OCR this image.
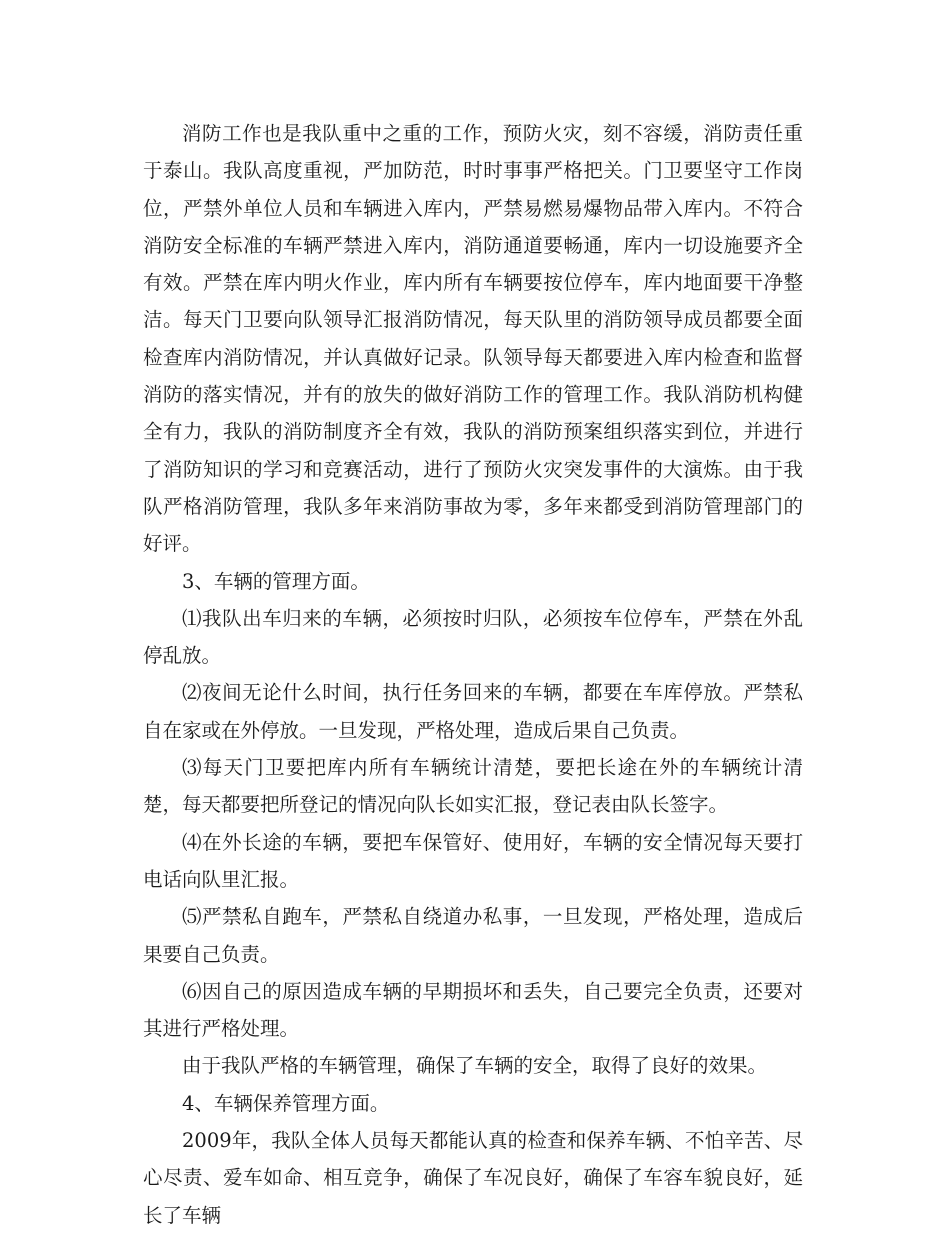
消防工作也是我队重中之重的工作，预防火灾，刻不容缓，消防责任重于泰山。我队高度重视，严加防范，时时事事严格把关。门卫要坚守工作岗位，严禁外单位人员和车辆进入库内，严禁易燃易爆物品带入库内。不符合消防安全标准的车辆严禁进入库内，消防通道要畅通，库内一切设施要齐全有效。严禁在库内明火作业，库内所有车辆要按位停车，库内地面要干净整洁。每天门卫要向队领导汇报消防情况，每天队里的消防领导成员都要全面检查库内消防情况，并认真做好记录。队领导每天都要进入库内检查和监督消防的落实情况，并有的放失的做好消防工作的管理工作。我队消防机构健全有力，我队的消防制度齐全有效，我队的消防预案组织落实到位，并进行了消防知识的学习和竞赛活动，进行了预防火灾突发事件的大演炼。由于我队严格消防管理，我队多年来消防事故为零，多年来都受到消防管理部门的好评。

3、车辆的管理方面。

⑴我队出车归来的车辆，必须按时归队，必须按车位停车，严禁在外乱停乱放。

⑵夜间无论什么时间，执行任务回来的车辆，都要在车库停放。严禁私自在家或在外停放。一旦发现，严格处理，造成后果自己负责。

⑶每天门卫要把库内所有车辆统计清楚，要把长途在外的车辆统计清楚，每天都要把所登记的情况向队长如实汇报，登记表由队长签字。

⑷在外长途的车辆，要把车保管好、使用好，车辆的安全情况每天要打电话向队里汇报。

⑸严禁私自跑车，严禁私自绕道办私事，一旦发现，严格处理，造成后果要自己负责。

⑹因自己的原因造成车辆的早期损坏和丢失，自己要完全负责，还要对其进行严格处理。

由于我队严格的车辆管理，确保了车辆的安全，取得了良好的效果。

4、车辆保养管理方面。

2009年，我队全体人员每天都能认真的检查和保养车辆、不怕辛苦、尽心尽责、爱车如命、相互竞争，确保了车况良好，确保了车容车貌良好，延长了车辆
